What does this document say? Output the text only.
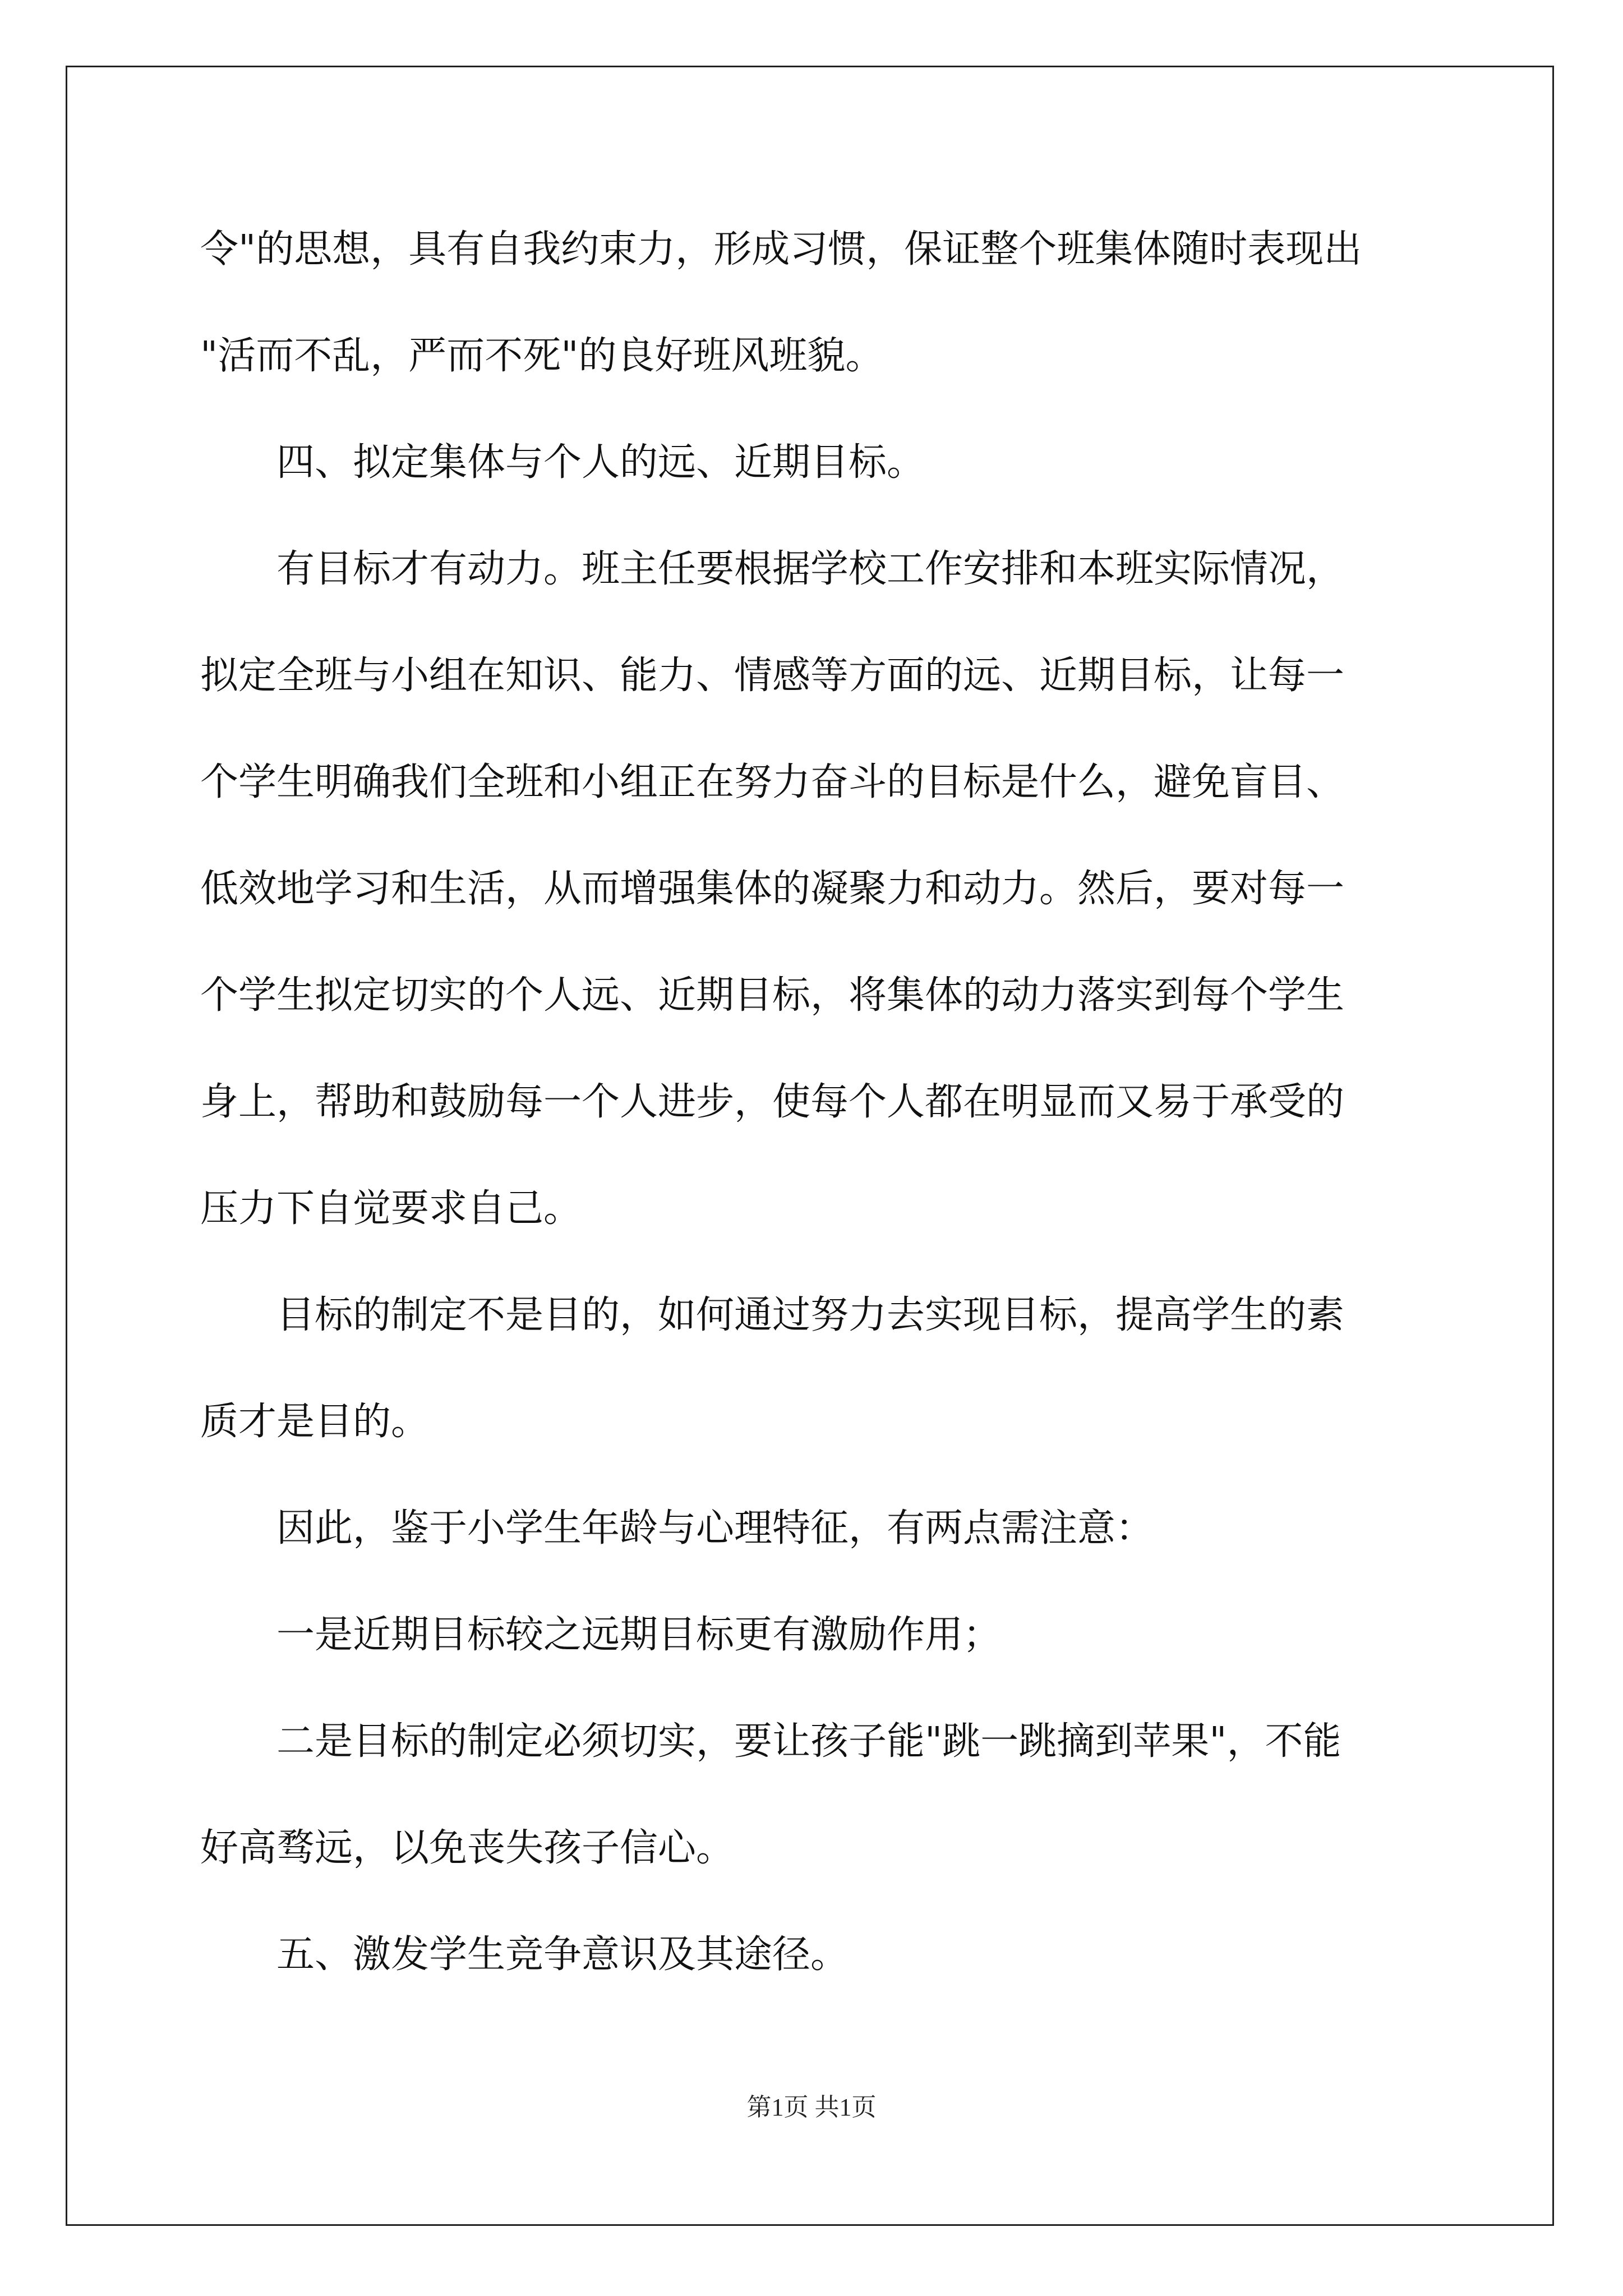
令"的思想，具有自我约束力，形成习惯，保证整个班集体随时表现出
"活而不乱，严而不死"的良好班风班貌。
四、拟定集体与个人的远、近期目标。
有目标才有动力。班主任要根据学校工作安排和本班实际情况，
拟定全班与小组在知识、能力、情感等方面的远、近期目标，让每一
个学生明确我们全班和小组正在努力奋斗的目标是什么，避免盲目、
低效地学习和生活，从而增强集体的凝聚力和动力。然后，要对每一
个学生拟定切实的个人远、近期目标，将集体的动力落实到每个学生
身上，帮助和鼓励每一个人进步，使每个人都在明显而又易于承受的
压力下自觉要求自己。
目标的制定不是目的，如何通过努力去实现目标，提高学生的素
质才是目的。
因此，鉴于小学生年龄与心理特征，有两点需注意：
一是近期目标较之远期目标更有激励作用；
二是目标的制定必须切实，要让孩子能"跳一跳摘到苹果"，不能
好高骛远，以免丧失孩子信心。
五、激发学生竞争意识及其途径。
第1页 共1页
